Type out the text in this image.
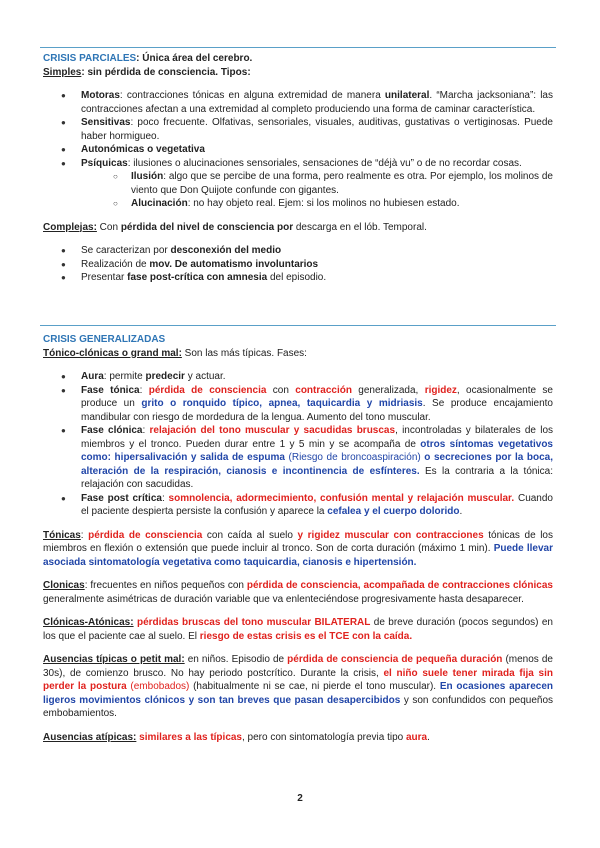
CRISIS PARCIALES: Única área del cerebro.

Simples: sin pérdida de consciencia. Tipos:

● Motoras: contracciones tónicas en alguna extremidad de manera unilateral. “Marcha jacksoniana”: las contracciones afectan a una extremidad al completo produciendo una forma de caminar característica.

● Sensitivas: poco frecuente. Olfativas, sensoriales, visuales, auditivas, gustativas o vertiginosas. Puede haber hormigueo.

● Autonómicas o vegetativa

● Psíquicas: ilusiones o alucinaciones sensoriales, sensaciones de “déjà vu” o de no recordar cosas.

○ Ilusión: algo que se percibe de una forma, pero realmente es otra. Por ejemplo, los molinos de viento que Don Quijote confunde con gigantes.

○ Alucinación: no hay objeto real. Ejem: si los molinos no hubiesen estado.

Complejas: Con pérdida del nivel de consciencia por descarga en el lób. Temporal.

● Se caracterizan por desconexión del medio

● Realización de mov. De automatismo involuntarios

● Presentar fase post-crítica con amnesia del episodio.

CRISIS GENERALIZADAS

Tónico-clónicas o grand mal: Son las más típicas. Fases:

● Aura: permite predecir y actuar.

● Fase tónica: pérdida de consciencia con contracción generalizada, rigidez, ocasionalmente se produce un grito o ronquido típico, apnea, taquicardia y midriasis. Se produce encajamiento mandibular con riesgo de mordedura de la lengua. Aumento del tono muscular.

● Fase clónica: relajación del tono muscular y sacudidas bruscas, incontroladas y bilaterales de los miembros y el tronco. Pueden durar entre 1 y 5 min y se acompaña de otros síntomas vegetativos como: hipersalivación y salida de espuma (Riesgo de broncoaspiración) o secreciones por la boca, alteración de la respiración, cianosis e incontinencia de esfínteres. Es la contraria a la tónica: relajación con sacudidas.

● Fase post crítica: somnolencia, adormecimiento, confusión mental y relajación muscular. Cuando el paciente despierta persiste la confusión y aparece la cefalea y el cuerpo dolorido.

Tónicas: pérdida de consciencia con caída al suelo y rigidez muscular con contracciones tónicas de los miembros en flexión o extensión que puede incluir al tronco. Son de corta duración (máximo 1 min). Puede llevar asociada sintomatología vegetativa como taquicardia, cianosis e hipertensión.

Clonicas: frecuentes en niños pequeños con pérdida de consciencia, acompañada de contracciones clónicas generalmente asimétricas de duración variable que va enlenteciéndose progresivamente hasta desaparecer.

Clónicas-Atónicas: pérdidas bruscas del tono muscular BILATERAL de breve duración (pocos segundos) en los que el paciente cae al suelo. El riesgo de estas crisis es el TCE con la caída.

Ausencias típicas o petit mal: en niños. Episodio de pérdida de consciencia de pequeña duración (menos de 30s), de comienzo brusco. No hay periodo postcrítico. Durante la crisis, el niño suele tener mirada fija sin perder la postura (embobados) (habitualmente ni se cae, ni pierde el tono muscular). En ocasiones aparecen ligeros movimientos clónicos y son tan breves que pasan desapercibidos y son confundidos con pequeños embobamientos.

Ausencias atípicas: similares a las típicas, pero con sintomatología previa tipo aura.

2
